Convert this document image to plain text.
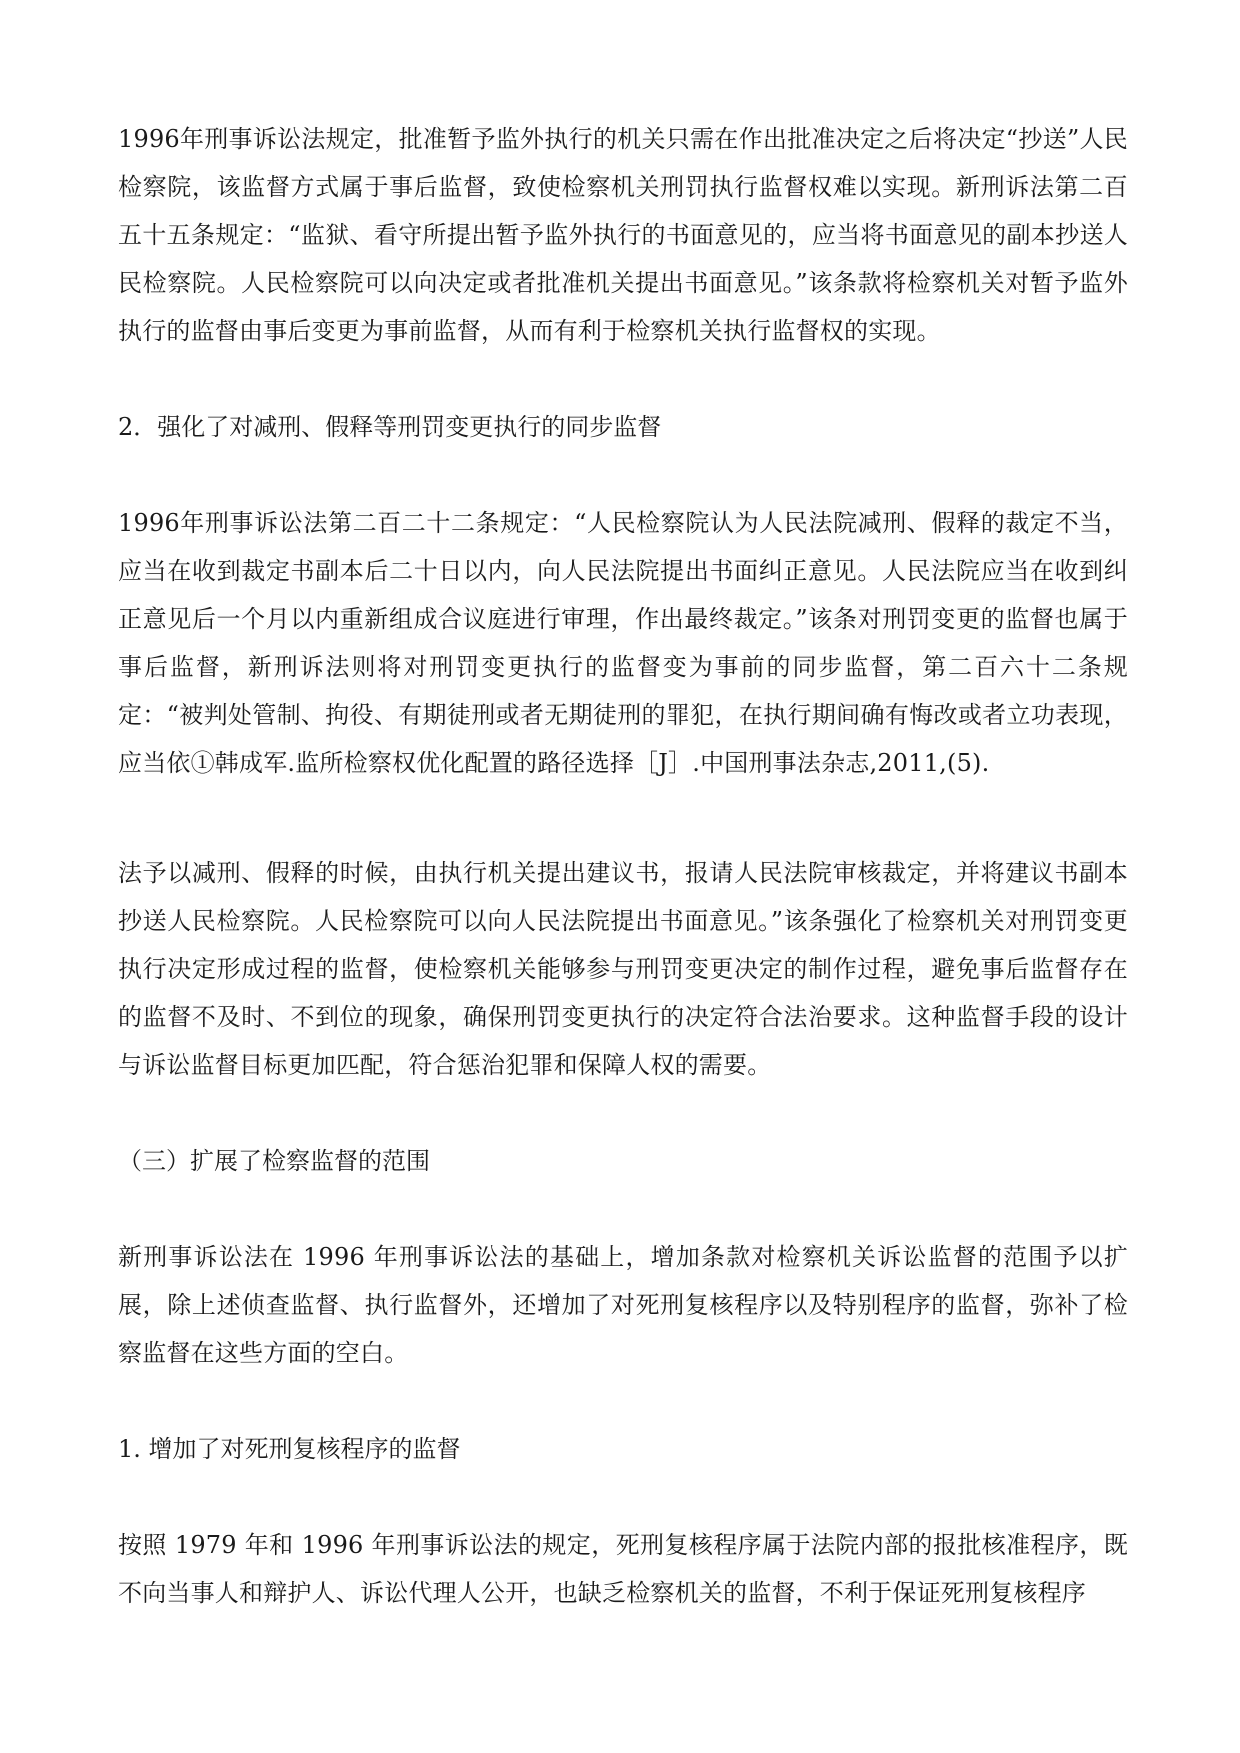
1996年刑事诉讼法规定，批准暂予监外执行的机关只需在作出批准决定之后将决定“抄送”人民检察院，该监督方式属于事后监督，致使检察机关刑罚执行监督权难以实现。新刑诉法第二百五十五条规定：“监狱、看守所提出暂予监外执行的书面意见的，应当将书面意见的副本抄送人民检察院。人民检察院可以向决定或者批准机关提出书面意见。”该条款将检察机关对暂予监外执行的监督由事后变更为事前监督，从而有利于检察机关执行监督权的实现。

2．强化了对减刑、假释等刑罚变更执行的同步监督

1996年刑事诉讼法第二百二十二条规定：“人民检察院认为人民法院减刑、假释的裁定不当，应当在收到裁定书副本后二十日以内，向人民法院提出书面纠正意见。人民法院应当在收到纠正意见后一个月以内重新组成合议庭进行审理，作出最终裁定。”该条对刑罚变更的监督也属于事后监督，新刑诉法则将对刑罚变更执行的监督变为事前的同步监督，第二百六十二条规定：“被判处管制、拘役、有期徒刑或者无期徒刑的罪犯，在执行期间确有悔改或者立功表现，应当依①韩成军.监所检察权优化配置的路径选择［J］.中国刑事法杂志,2011,(5).

法予以减刑、假释的时候，由执行机关提出建议书，报请人民法院审核裁定，并将建议书副本抄送人民检察院。人民检察院可以向人民法院提出书面意见。”该条强化了检察机关对刑罚变更执行决定形成过程的监督，使检察机关能够参与刑罚变更决定的制作过程，避免事后监督存在的监督不及时、不到位的现象，确保刑罚变更执行的决定符合法治要求。这种监督手段的设计与诉讼监督目标更加匹配，符合惩治犯罪和保障人权的需要。

（三）扩展了检察监督的范围

新刑事诉讼法在 1996 年刑事诉讼法的基础上，增加条款对检察机关诉讼监督的范围予以扩展，除上述侦查监督、执行监督外，还增加了对死刑复核程序以及特别程序的监督，弥补了检察监督在这些方面的空白。

1. 增加了对死刑复核程序的监督

按照 1979 年和 1996 年刑事诉讼法的规定，死刑复核程序属于法院内部的报批核准程序，既不向当事人和辩护人、诉讼代理人公开，也缺乏检察机关的监督，不利于保证死刑复核程序
